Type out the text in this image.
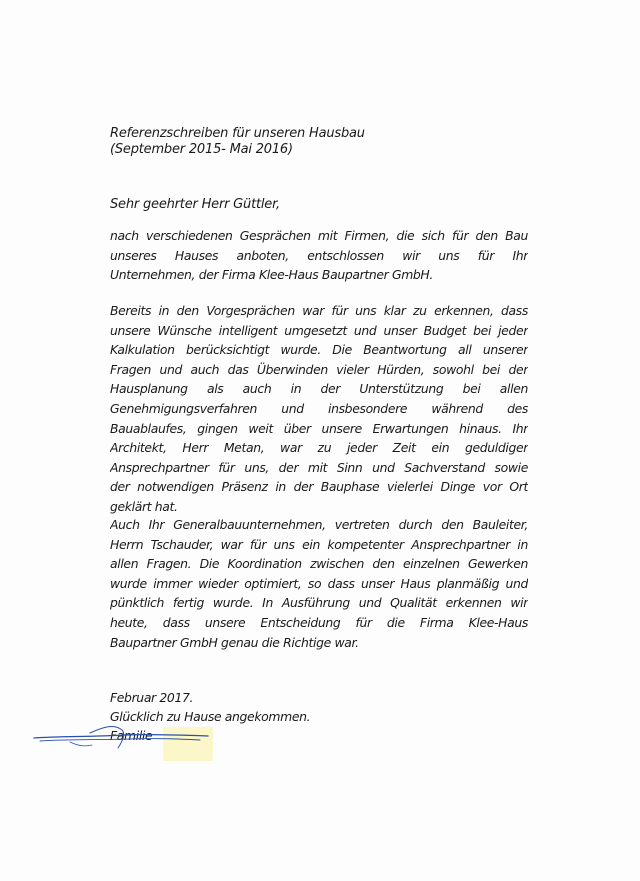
Referenzschreiben für unseren Hausbau
(September 2015- Mai 2016)
Sehr geehrter Herr Güttler,
nach verschiedenen Gesprächen mit Firmen, die sich für den Bau
unseres Hauses anboten, entschlossen wir uns für Ihr
Unternehmen, der Firma Klee-Haus Baupartner GmbH.
Bereits in den Vorgesprächen war für uns klar zu erkennen, dass
unsere Wünsche intelligent umgesetzt und unser Budget bei jeder
Kalkulation berücksichtigt wurde. Die Beantwortung all unserer
Fragen und auch das Überwinden vieler Hürden, sowohl bei der
Hausplanung als auch in der Unterstützung bei allen
Genehmigungsverfahren und insbesondere während des
Bauablaufes, gingen weit über unsere Erwartungen hinaus. Ihr
Architekt, Herr Metan, war zu jeder Zeit ein geduldiger
Ansprechpartner für uns, der mit Sinn und Sachverstand sowie
der notwendigen Präsenz in der Bauphase vielerlei Dinge vor Ort
geklärt hat.
Auch Ihr Generalbauunternehmen, vertreten durch den Bauleiter,
Herrn Tschauder, war für uns ein kompetenter Ansprechpartner in
allen Fragen. Die Koordination zwischen den einzelnen Gewerken
wurde immer wieder optimiert, so dass unser Haus planmäßig und
pünktlich fertig wurde. In Ausführung und Qualität erkennen wir
heute, dass unsere Entscheidung für die Firma Klee-Haus
Baupartner GmbH genau die Richtige war.
Februar 2017.
Glücklich zu Hause angekommen.
Familie
